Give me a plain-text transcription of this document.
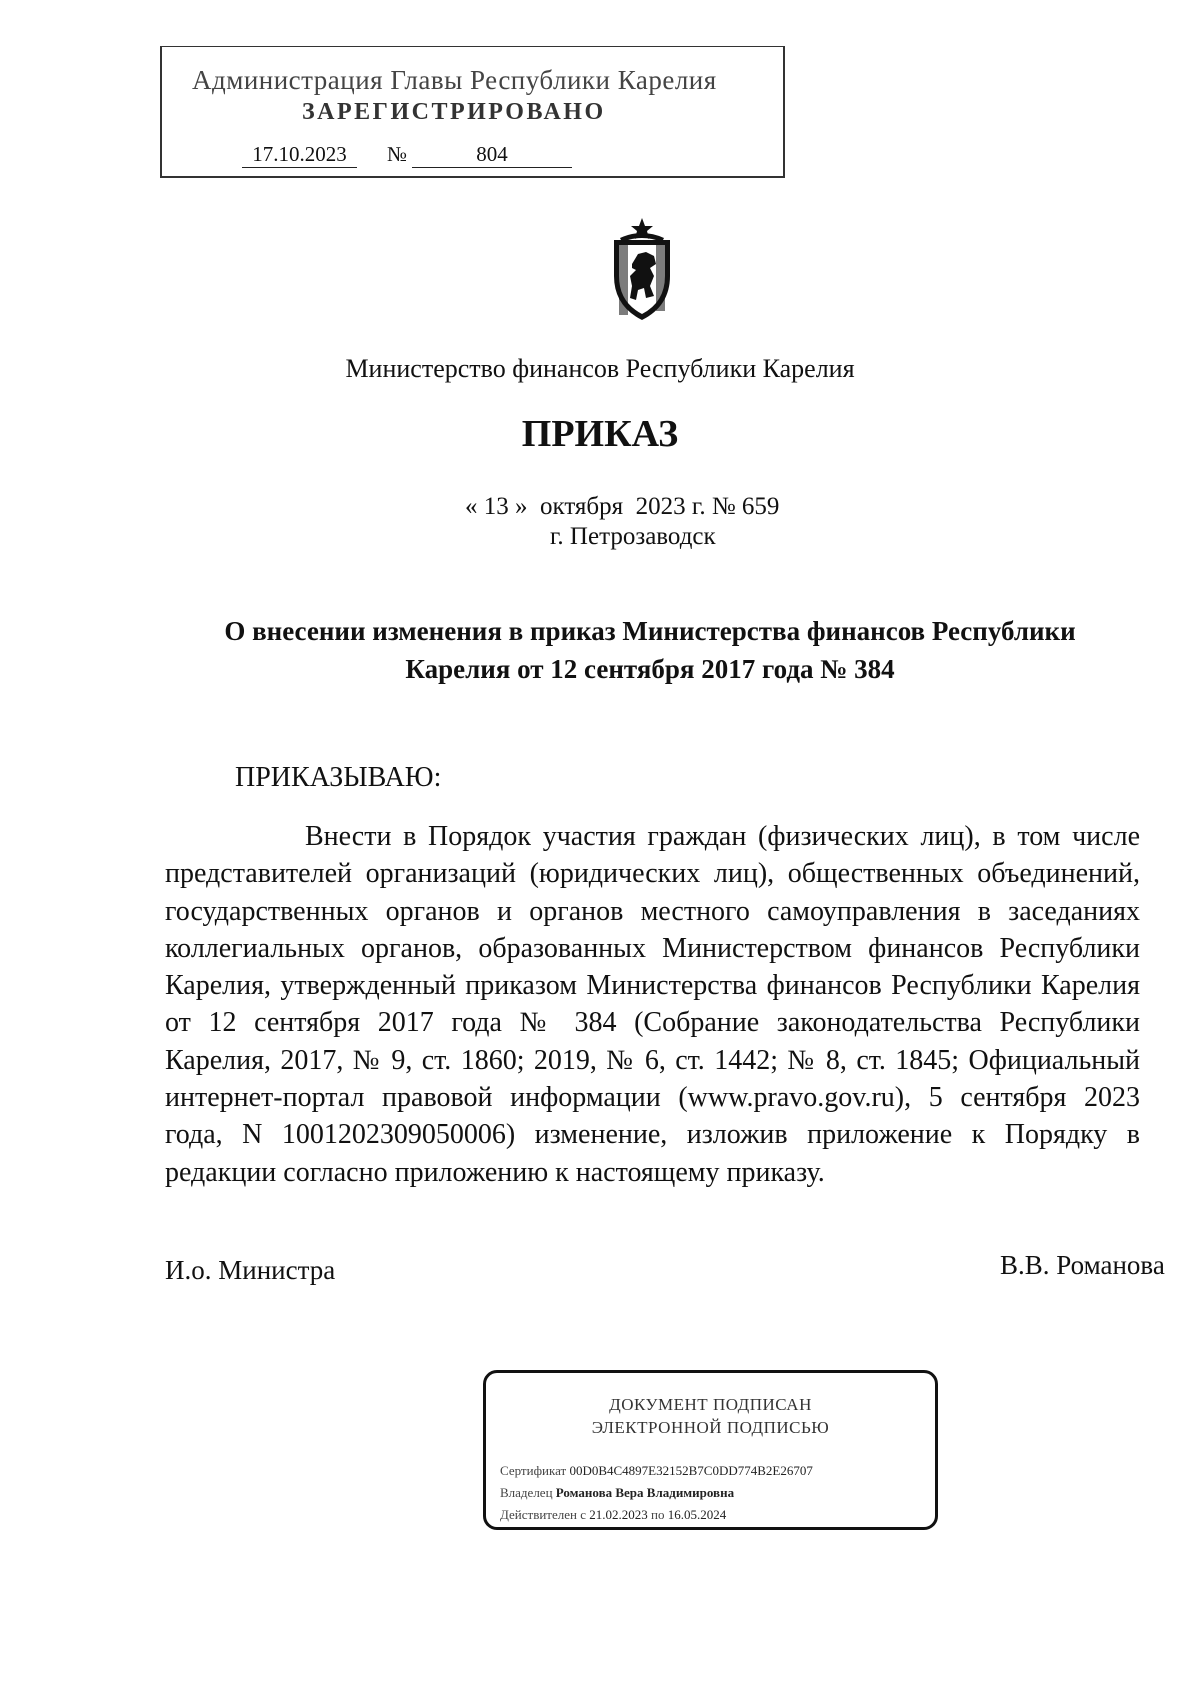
Администрация Главы Республики Карелия
ЗАРЕГИСТРИРОВАНО
17.10.2023	№	804
Министерство финансов Республики Карелия
ПРИКАЗ
« 13 »  октября  2023 г. № 659
г. Петрозаводск
О внесении изменения в приказ Министерства финансов Республики
Карелия от 12 сентября 2017 года № 384
ПРИКАЗЫВАЮ:
Внести в Порядок участия граждан (физических лиц), в том числе представителей организаций (юридических лиц), общественных объединений, государственных органов и органов местного самоуправления в заседаниях коллегиальных органов, образованных Министерством финансов Республики Карелия, утвержденный приказом Министерства финансов Республики Карелия от 12 сентября 2017 года № 384 (Собрание законодательства Республики Карелия, 2017, № 9, ст. 1860; 2019, № 6, ст. 1442; № 8, ст. 1845; Официальный интернет-портал правовой информации (www.pravo.gov.ru), 5 сентября 2023 года, N 1001202309050006) изменение, изложив приложение к Порядку в редакции согласно приложению к настоящему приказу.
И.о. Министра	В.В. Романова
ДОКУМЕНТ ПОДПИСАН
ЭЛЕКТРОННОЙ ПОДПИСЬЮ
Сертификат 00D0B4C4897E32152B7C0DD774B2E26707
Владелец Романова Вера Владимировна
Действителен с 21.02.2023 по 16.05.2024
